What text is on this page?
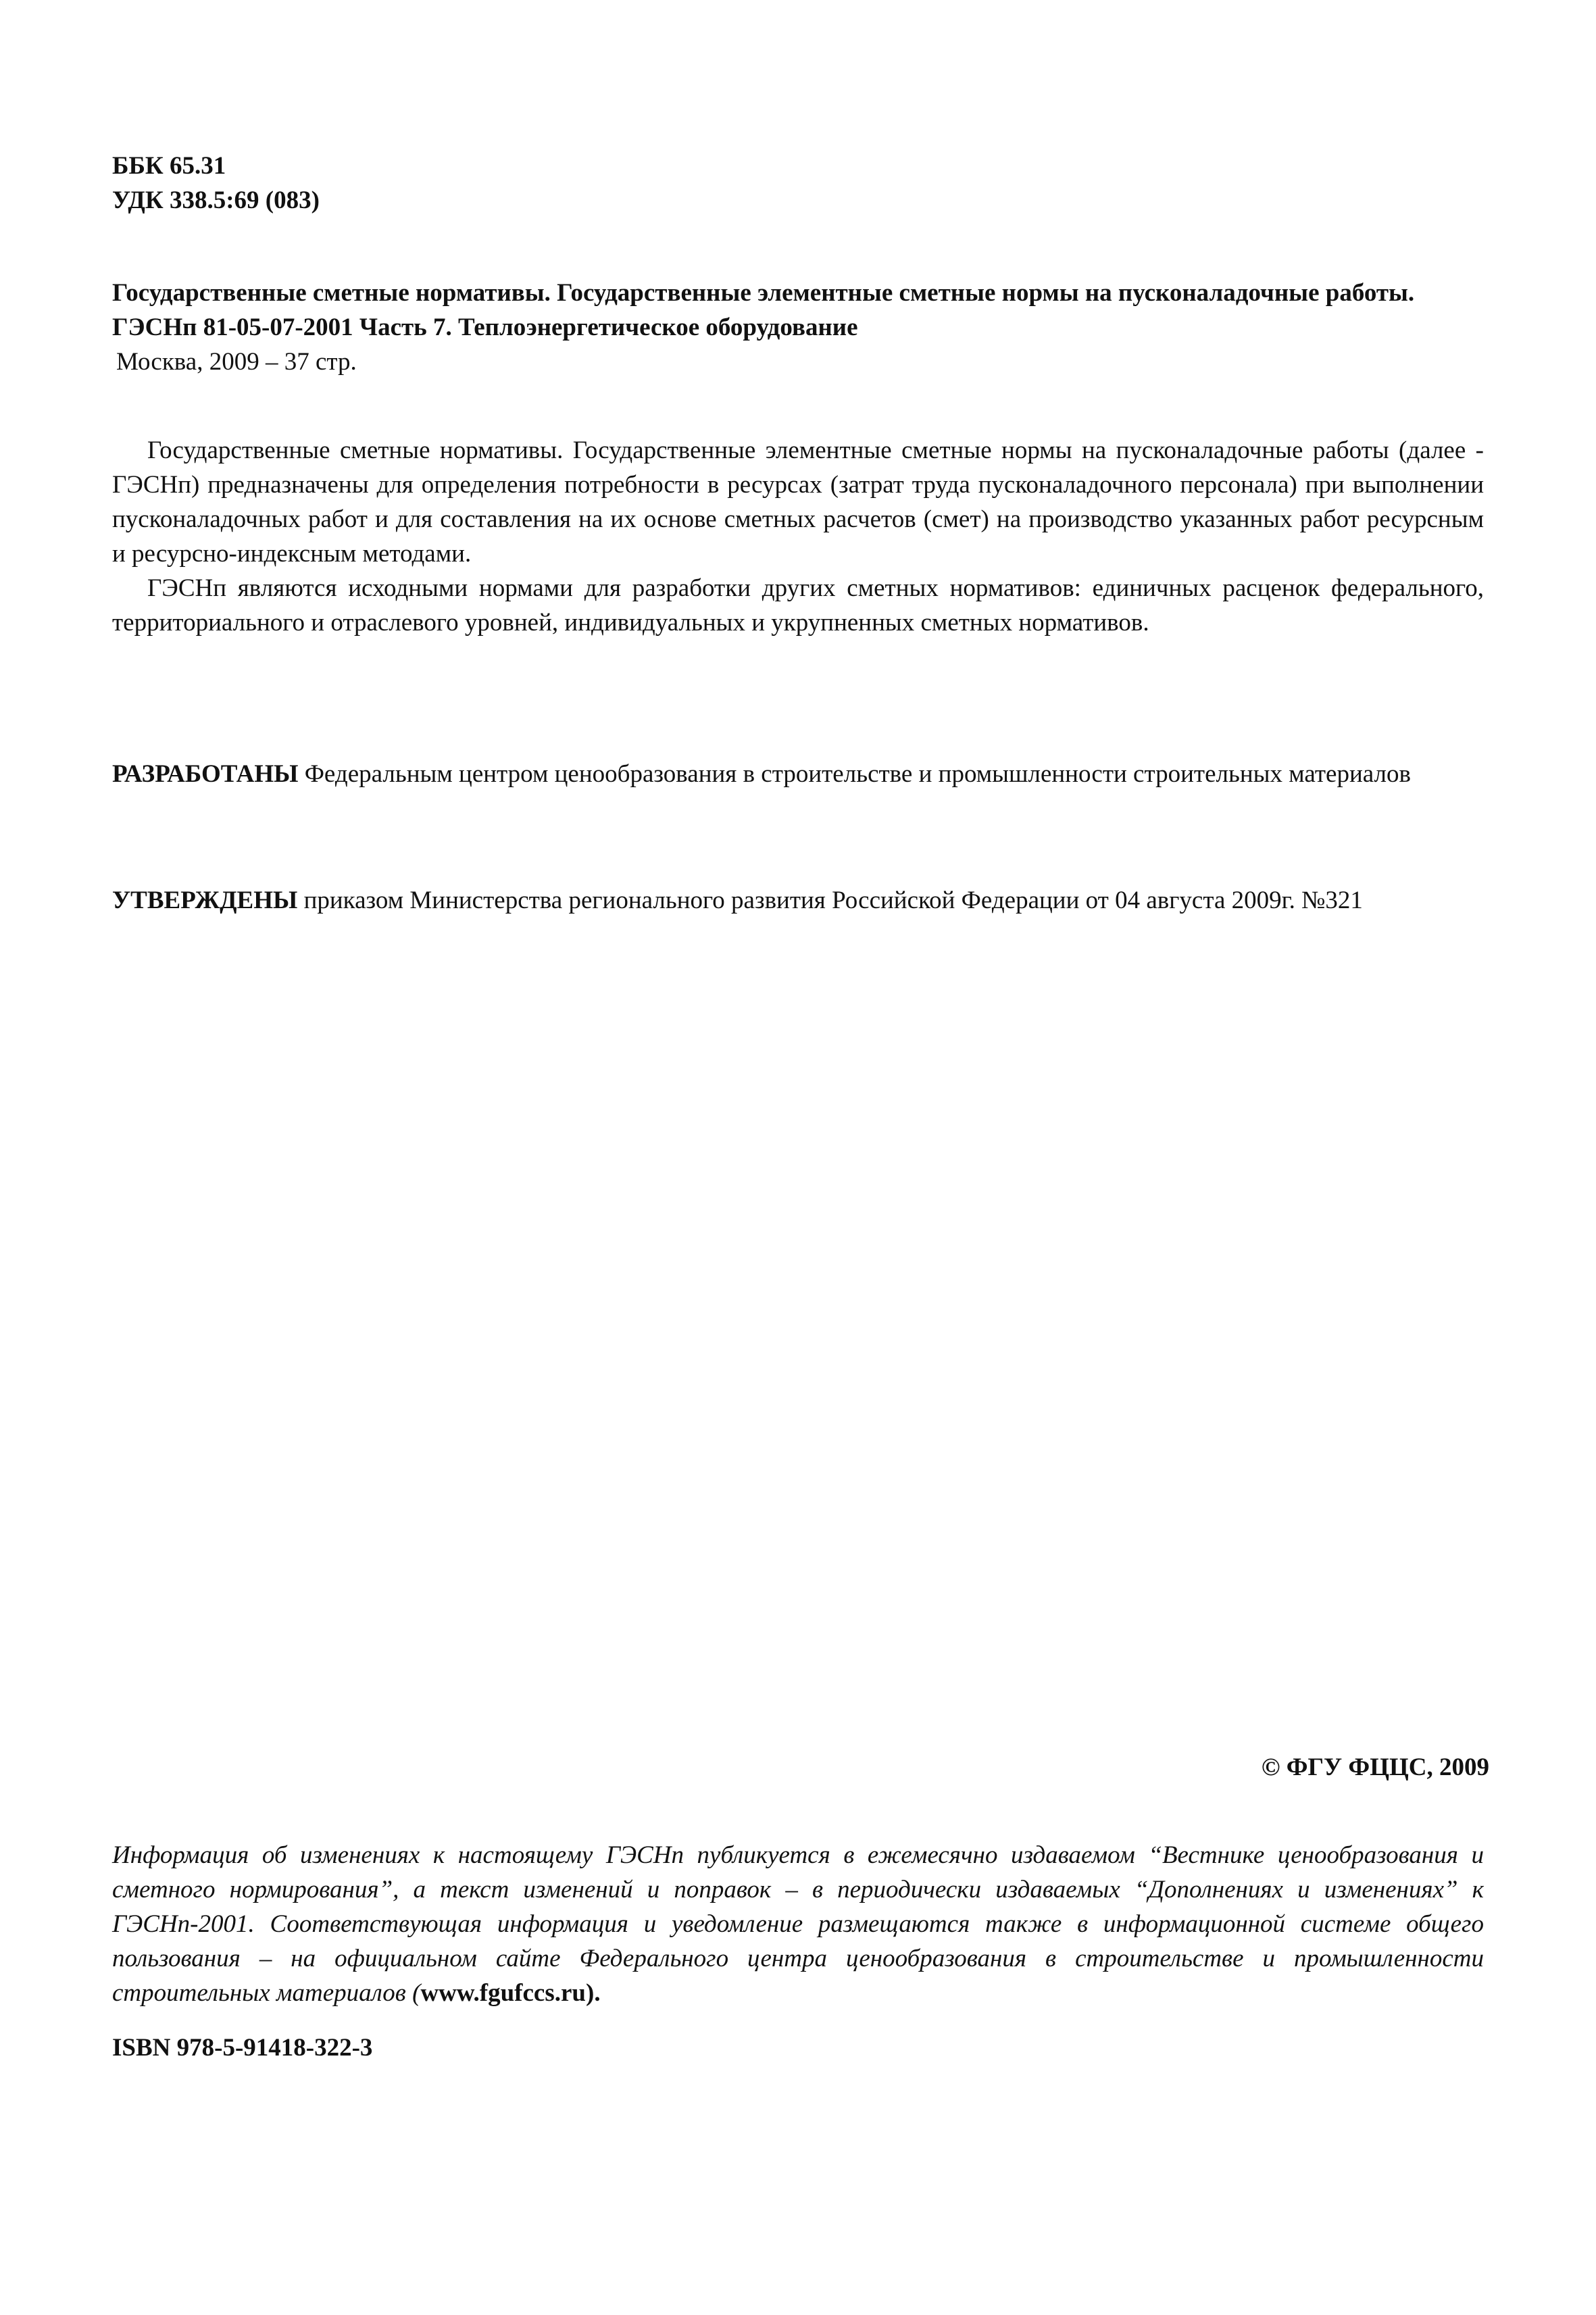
ББК 65.31

УДК 338.5:69 (083)

Государственные сметные нормативы. Государственные элементные сметные нормы на пусконаладочные работы.

ГЭСНп 81-05-07-2001 Часть 7. Теплоэнергетическое оборудование

Москва, 2009 – 37 стр.

Государственные сметные нормативы. Государственные элементные сметные нормы на пусконаладочные работы (далее - ГЭСНп) предназначены для определения потребности в ресурсах (затрат труда пусконаладочного персонала) при выполнении пусконаладочных работ и для составления на их основе сметных расчетов (смет) на производство указанных работ ресурсным и ресурсно-индексным методами.

ГЭСНп являются исходными нормами для разработки других сметных нормативов: единичных расценок федерального, территориального и отраслевого уровней, индивидуальных и укрупненных сметных нормативов.

РАЗРАБОТАНЫ Федеральным центром ценообразования в строительстве и промышленности строительных материалов

УТВЕРЖДЕНЫ приказом Министерства регионального развития Российской Федерации от 04 августа 2009г. №321

© ФГУ ФЦЦС, 2009

Информация об изменениях к настоящему ГЭСНп публикуется в ежемесячно издаваемом “Вестнике ценообразования и сметного нормирования”, а текст изменений и поправок – в периодически издаваемых “Дополнениях и изменениях” к ГЭСНп-2001. Соответствующая информация и уведомление размещаются также в информационной системе общего пользования – на официальном сайте Федерального центра ценообразования в строительстве и промышленности строительных материалов (www.fgufccs.ru).

ISBN 978-5-91418-322-3
